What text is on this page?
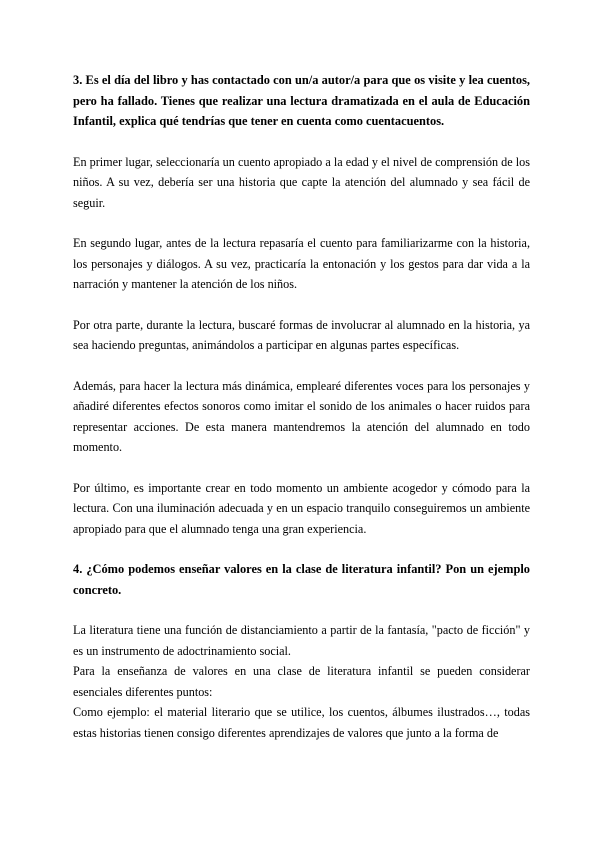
3. Es el día del libro y has contactado con un/a autor/a para que os visite y lea cuentos, pero ha fallado. Tienes que realizar una lectura dramatizada en el aula de Educación Infantil, explica qué tendrías que tener en cuenta como cuentacuentos.

En primer lugar, seleccionaría un cuento apropiado a la edad y el nivel de comprensión de los niños. A su vez, debería ser una historia que capte la atención del alumnado y sea fácil de seguir.

En segundo lugar, antes de la lectura repasaría el cuento para familiarizarme con la historia, los personajes y diálogos. A su vez, practicaría la entonación y los gestos para dar vida a la narración y mantener la atención de los niños.

Por otra parte, durante la lectura, buscaré formas de involucrar al alumnado en la historia, ya sea haciendo preguntas, animándolos a participar en algunas partes específicas.

Además, para hacer la lectura más dinámica, empleаré diferentes voces para los personajes y añadiré diferentes efectos sonoros como imitar el sonido de los animales o hacer ruidos para representar acciones. De esta manera mantendremos la atención del alumnado en todo momento.

Por último, es importante crear en todo momento un ambiente acogedor y cómodo para la lectura. Con una iluminación adecuada y en un espacio tranquilo conseguiremos un ambiente apropiado para que el alumnado tenga una gran experiencia.

4. ¿Cómo podemos enseñar valores en la clase de literatura infantil? Pon un ejemplo concreto.

La literatura tiene una función de distanciamiento a partir de la fantasía, "pacto de ficción" y es un instrumento de adoctrinamiento social.

Para la enseñanza de valores en una clase de literatura infantil se pueden considerar esenciales diferentes puntos:

Como ejemplo: el material literario que se utilice, los cuentos, álbumes ilustrados…, todas estas historias tienen consigo diferentes aprendizajes de valores que junto a la forma de
